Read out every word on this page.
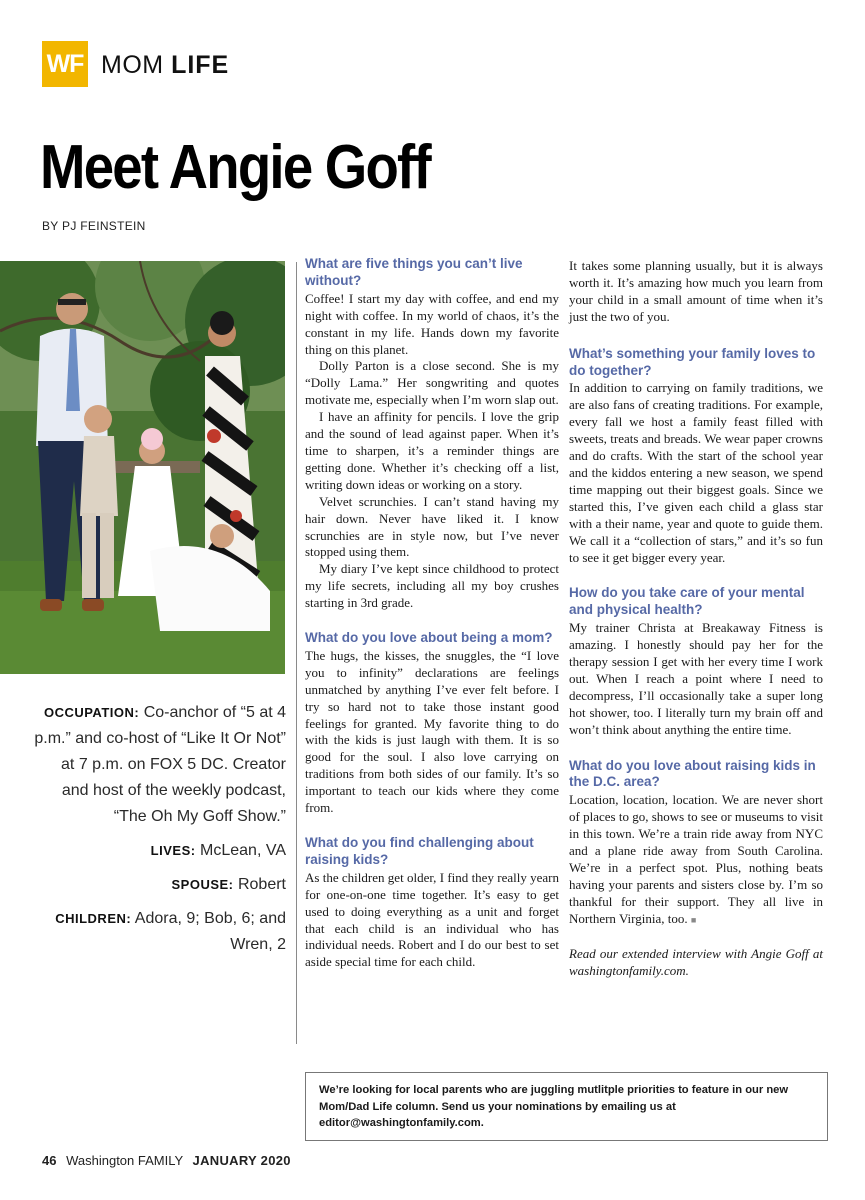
WF MOM LIFE
Meet Angie Goff
BY PJ FEINSTEIN
OCCUPATION: Co-anchor of “5 at 4 p.m.” and co-host of “Like It Or Not” at 7 p.m. on FOX 5 DC. Creator and host of the weekly podcast, “The Oh My Goff Show.”
LIVES: McLean, VA
SPOUSE: Robert
CHILDREN: Adora, 9; Bob, 6; and Wren, 2
What are five things you can’t live without?

Coffee! I start my day with coffee, and end my night with coffee. In my world of chaos, it’s the constant in my life. Hands down my favorite thing on this planet.

Dolly Parton is a close second. She is my “Dolly Lama.” Her songwriting and quotes motivate me, especially when I’m worn slap out.

I have an affinity for pencils. I love the grip and the sound of lead against paper. When it’s time to sharpen, it’s a reminder things are getting done. Whether it’s checking off a list, writing down ideas or working on a story.

Velvet scrunchies. I can’t stand having my hair down. Never have liked it. I know scrunchies are in style now, but I’ve never stopped using them.

My diary I’ve kept since childhood to protect my life secrets, including all my boy crushes starting in 3rd grade.

What do you love about being a mom?

The hugs, the kisses, the snuggles, the “I love you to infinity” declarations are feelings unmatched by anything I’ve ever felt before. I try so hard not to take those instant good feelings for granted. My favorite thing to do with the kids is just laugh with them. It is so good for the soul. I also love carrying on traditions from both sides of our family. It’s so important to teach our kids where they come from.

What do you find challenging about raising kids?

As the children get older, I find they really yearn for one-on-one time together. It’s easy to get used to doing everything as a unit and forget that each child is an individual who has individual needs. Robert and I do our best to set aside special time for each child.

It takes some planning usually, but it is always worth it. It’s amazing how much you learn from your child in a small amount of time when it’s just the two of you.

What’s something your family loves to do together?

In addition to carrying on family traditions, we are also fans of creating traditions. For example, every fall we host a family feast filled with sweets, treats and breads. We wear paper crowns and do crafts. With the start of the school year and the kiddos entering a new season, we spend time mapping out their biggest goals. Since we started this, I’ve given each child a glass star with a their name, year and quote to guide them. We call it a “collection of stars,” and it’s so fun to see it get bigger every year.

How do you take care of your mental and physical health?

My trainer Christa at Breakaway Fitness is amazing. I honestly should pay her for the therapy session I get with her every time I work out. When I reach a point where I need to decompress, I’ll occasionally take a super long hot shower, too. I literally turn my brain off and won’t think about anything the entire time.

What do you love about raising kids in the D.C. area?

Location, location, location. We are never short of places to go, shows to see or museums to visit in this town. We’re a train ride away from NYC and a plane ride away from South Carolina. We’re in a perfect spot. Plus, nothing beats having your parents and sisters close by. I’m so thankful for their support. They all live in Northern Virginia, too. ■

Read our extended interview with Angie Goff at washingtonfamily.com.

We’re looking for local parents who are juggling mutlitple priorities to feature in our new Mom/Dad Life column. Send us your nominations by emailing us at editor@washingtonfamily.com.
46 Washington FAMILY JANUARY 2020
